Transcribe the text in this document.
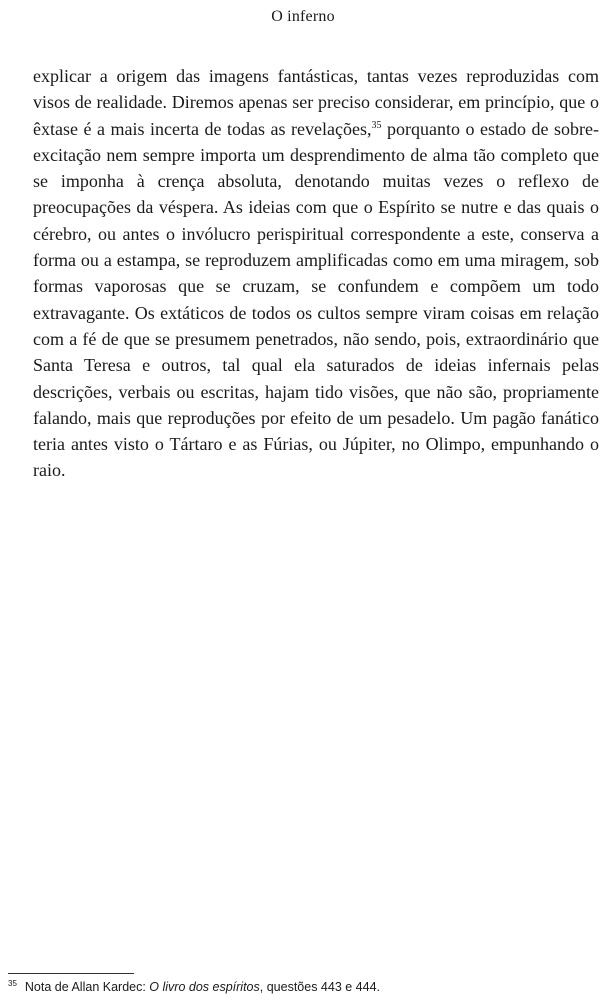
O inferno

explicar a origem das imagens fantásticas, tantas vezes reproduzidas com visos de realidade. Diremos apenas ser preciso considerar, em princípio, que o êxtase é a mais incerta de todas as revelações,$^{35}$ porquanto o estado de sobre-excitação nem sempre importa um desprendimento de alma tão completo que se imponha à crença absoluta, denotando muitas vezes o reflexo de preocupações da véspera. As ideias com que o Espírito se nutre e das quais o cérebro, ou antes o invólucro perispiritual correspondente a este, conserva a forma ou a estampa, se reproduzem amplificadas como em uma miragem, sob formas vaporosas que se cruzam, se confundem e compõem um todo extravagante. Os extáticos de todos os cultos sempre viram coisas em relação com a fé de que se presumem penetrados, não sendo, pois, extraordinário que Santa Teresa e outros, tal qual ela saturados de ideias infernais pelas descrições, verbais ou escritas, hajam tido visões, que não são, propriamente falando, mais que reproduções por efeito de um pesadelo. Um pagão fanático teria antes visto o Tártaro e as Fúrias, ou Júpiter, no Olimpo, empunhando o raio.

$^{35}$ Nota de Allan Kardec: O livro dos espíritos, questões 443 e 444.
